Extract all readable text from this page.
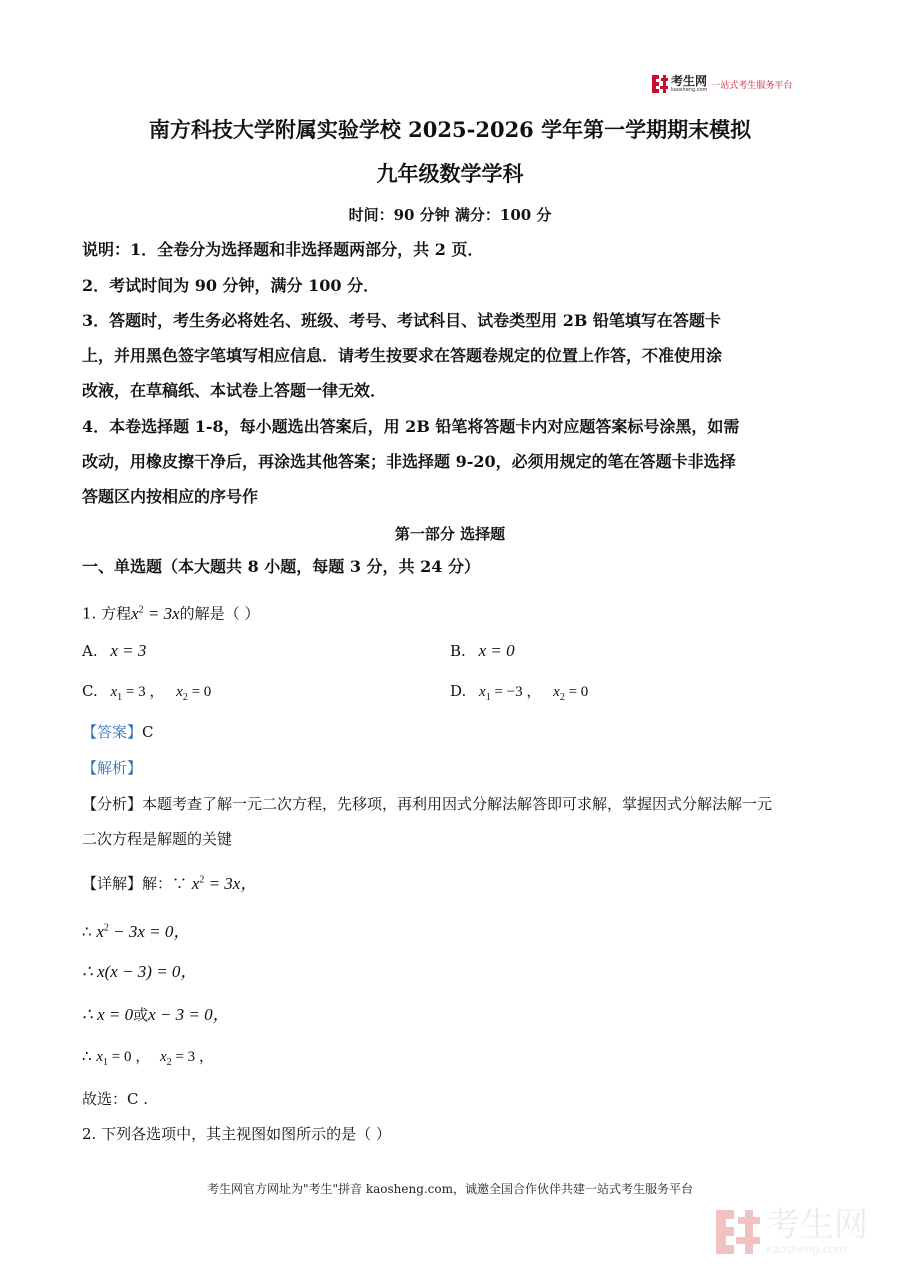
考生网
kaosheng.com 一站式考生服务平台
南方科技大学附属实验学校 2025-2026 学年第一学期期末模拟
九年级数学学科
时间：90 分钟 满分：100 分
说明：1．全卷分为选择题和非选择题两部分，共 2 页．
2．考试时间为 90 分钟，满分 100 分．
3．答题时，考生务必将姓名、班级、考号、考试科目、试卷类型用 2B 铅笔填写在答题卡
上，并用黑色签字笔填写相应信息．请考生按要求在答题卷规定的位置上作答，不准使用涂
改液，在草稿纸、本试卷上答题一律无效．
4．本卷选择题 1-8，每小题选出答案后，用 2B 铅笔将答题卡内对应题答案标号涂黑，如需
改动，用橡皮擦干净后，再涂选其他答案；非选择题 9-20，必须用规定的笔在答题卡非选择
答题区内按相应的序号作
第一部分 选择题
一、单选题（本大题共 8 小题，每题 3 分，共 24 分）
1. 方程$x^2 = 3x$的解是（ ）
A. x = 3	B. x = 0
C. $x_1 = 3$ ， $x_2 = 0$	D. $x_1 = -3$ ， $x_2 = 0$
【答案】C
【解析】
【分析】本题考查了解一元二次方程，先移项，再利用因式分解法解答即可求解，掌握因式分解法解一元
二次方程是解题的关键
【详解】解：∵ $x^2 = 3x$，
∴ $x^2 - 3x = 0$，
∴ x(x − 3) = 0，
∴ x = 0或x − 3 = 0，
∴ $x_1 = 0$ ， $x_2 = 3$ ，
故选：C .
2. 下列各选项中，其主视图如图所示的是（ ）
考生网官方网址为"考生"拼音 kaosheng.com，诚邀全国合作伙伴共建一站式考生服务平台
考生网
kaosheng.com
